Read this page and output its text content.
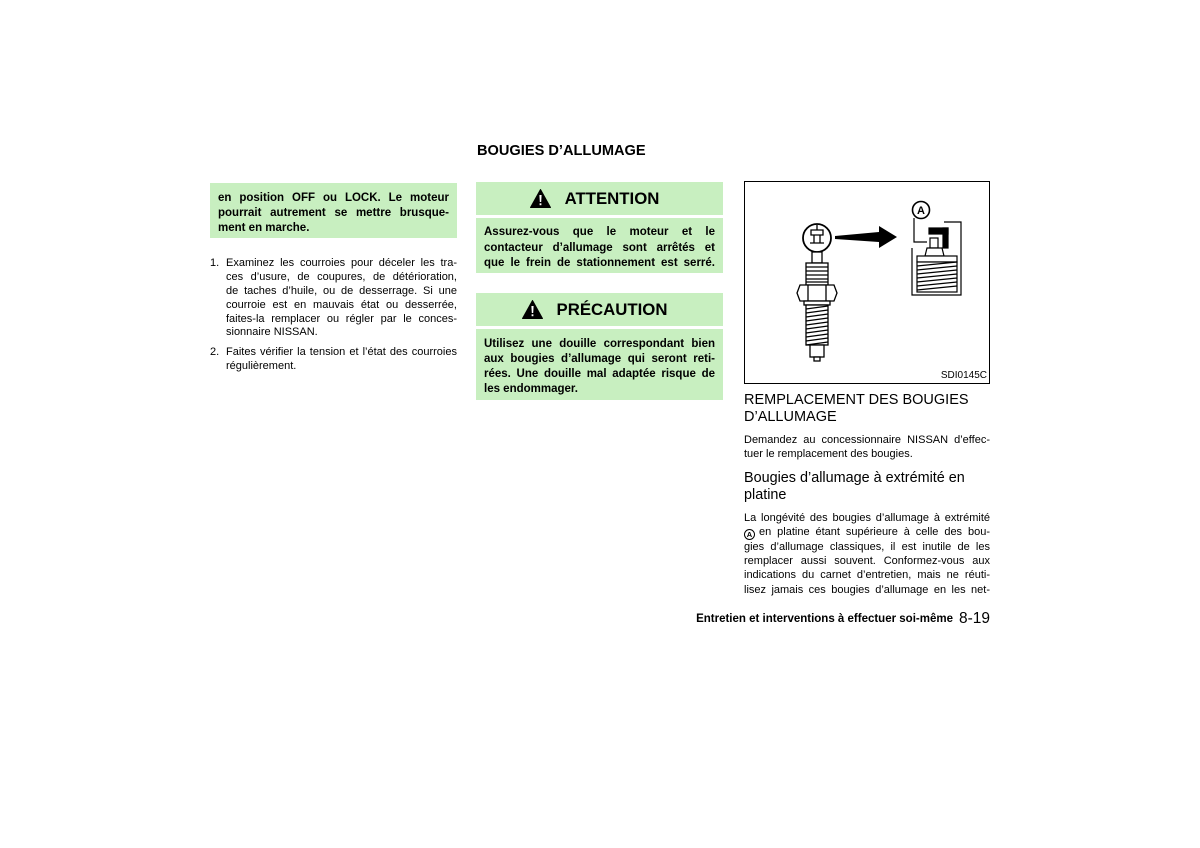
BOUGIES D’ALLUMAGE
en position OFF ou LOCK. Le moteur
pourrait autrement se mettre brusque-
ment en marche.
1. Examinez les courroies pour déceler les tra-
ces d’usure, de coupures, de détérioration,
de taches d’huile, ou de desserrage. Si une
courroie est en mauvais état ou desserrée,
faites-la remplacer ou régler par le conces-
sionnaire NISSAN.
2. Faites vérifier la tension et l’état des courroies
régulièrement.
ATTENTION
Assurez-vous que le moteur et le
contacteur d’allumage sont arrêtés et
que le frein de stationnement est serré.
PRÉCAUTION
Utilisez une douille correspondant bien
aux bougies d’allumage qui seront reti-
rées. Une douille mal adaptée risque de
les endommager.
A
SDI0145C
REMPLACEMENT DES BOUGIES
D’ALLUMAGE
Demandez au concessionnaire NISSAN d’effec-
tuer le remplacement des bougies.
Bougies d’allumage à extrémité en
platine
La longévité des bougies d’allumage à extrémité
A en platine étant supérieure à celle des bou-
gies d’allumage classiques, il est inutile de les
remplacer aussi souvent. Conformez-vous aux
indications du carnet d’entretien, mais ne réuti-
lisez jamais ces bougies d’allumage en les net-
Entretien et interventions à effectuer soi-même 8-19
